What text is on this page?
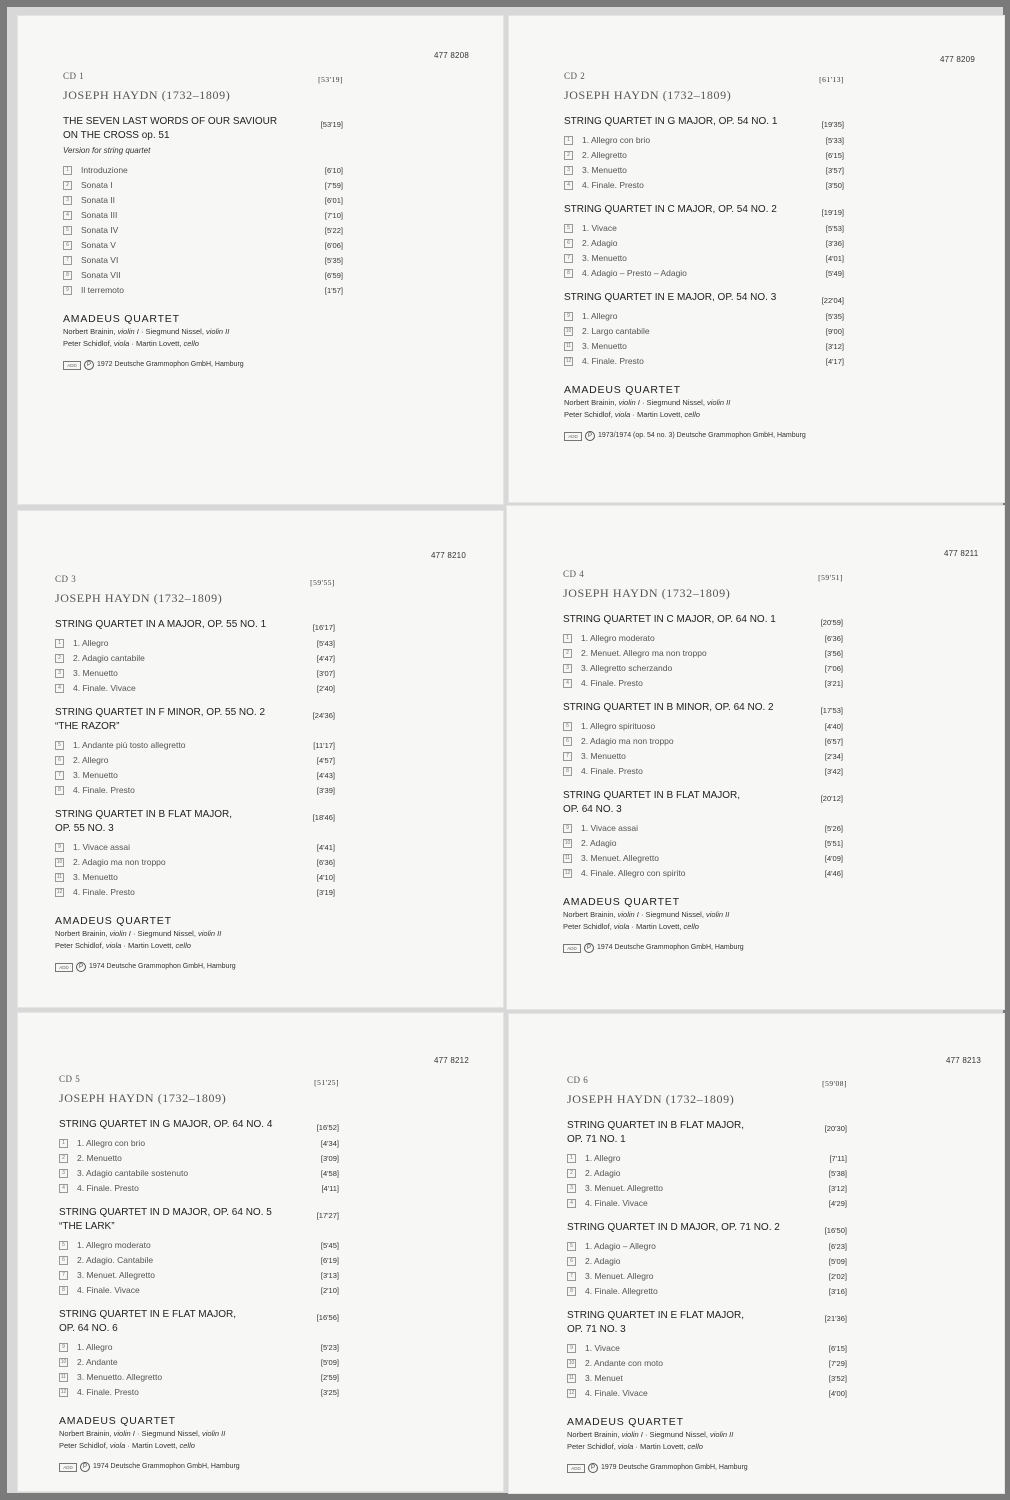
477 8208
CD 1	[53'19]
JOSEPH HAYDN (1732–1809)
THE SEVEN LAST WORDS OF OUR SAVIOUR
ON THE CROSS op. 51
[53'19]
Version for string quartet
1	Introduzione	[6'10]
2	Sonata I	[7'59]
3	Sonata II	[6'01]
4	Sonata III	[7'10]
5	Sonata IV	[5'22]
6	Sonata V	[6'06]
7	Sonata VI	[5'35]
8	Sonata VII	[6'59]
9	Il terremoto	[1'57]
AMADEUS QUARTET
Norbert Brainin, violin I · Siegmund Nissel, violin II
Peter Schidlof, viola · Martin Lovett, cello
ADD	P 1972 Deutsche Grammophon GmbH, Hamburg
477 8209
CD 2	[61'13]
JOSEPH HAYDN (1732–1809)
STRING QUARTET IN G MAJOR, OP. 54 NO. 1	[19'35]
1	1. Allegro con brio	[5'33]
2	2. Allegretto	[6'15]
3	3. Menuetto	[3'57]
4	4. Finale. Presto	[3'50]
STRING QUARTET IN C MAJOR, OP. 54 NO. 2	[19'19]
5	1. Vivace	[5'53]
6	2. Adagio	[3'36]
7	3. Menuetto	[4'01]
8	4. Adagio – Presto – Adagio	[5'49]
STRING QUARTET IN E MAJOR, OP. 54 NO. 3	[22'04]
9	1. Allegro	[5'35]
10 2. Largo cantabile	[9'00]
11 3. Menuetto	[3'12]
12 4. Finale. Presto	[4'17]
AMADEUS QUARTET
Norbert Brainin, violin I · Siegmund Nissel, violin II
Peter Schidlof, viola · Martin Lovett, cello
ADD	P 1973/1974 (op. 54 no. 3) Deutsche Grammophon GmbH, Hamburg
477 8210
CD 3	[59'55]
JOSEPH HAYDN (1732–1809)
STRING QUARTET IN A MAJOR, OP. 55 NO. 1	[16'17]
1	1. Allegro	[5'43]
2	2. Adagio cantabile	[4'47]
3	3. Menuetto	[3'07]
4	4. Finale. Vivace	[2'40]
STRING QUARTET IN F MINOR, OP. 55 NO. 2
“THE RAZOR”
[24'36]
5	1. Andante più tosto allegretto	[11'17]
6	2. Allegro	[4'57]
7	3. Menuetto	[4'43]
8	4. Finale. Presto	[3'39]
STRING QUARTET IN B FLAT MAJOR,
OP. 55 NO. 3
[18'46]
9	1. Vivace assai	[4'41]
10 2. Adagio ma non troppo	[6'36]
11 3. Menuetto	[4'10]
12 4. Finale. Presto	[3'19]
AMADEUS QUARTET
Norbert Brainin, violin I · Siegmund Nissel, violin II
Peter Schidlof, viola · Martin Lovett, cello
ADD	P 1974 Deutsche Grammophon GmbH, Hamburg
477 8211
CD 4	[59'51]
JOSEPH HAYDN (1732–1809)
STRING QUARTET IN C MAJOR, OP. 64 NO. 1	[20'59]
1	1. Allegro moderato	[6'36]
2	2. Menuet. Allegro ma non troppo	[3'56]
3	3. Allegretto scherzando	[7'06]
4	4. Finale. Presto	[3'21]
STRING QUARTET IN B MINOR, OP. 64 NO. 2	[17'53]
5	1. Allegro spirituoso	[4'40]
6	2. Adagio ma non troppo	[6'57]
7	3. Menuetto	[2'34]
8	4. Finale. Presto	[3'42]
STRING QUARTET IN B FLAT MAJOR,
OP. 64 NO. 3
[20'12]
9	1. Vivace assai	[5'26]
10 2. Adagio	[5'51]
11 3. Menuet. Allegretto	[4'09]
12 4. Finale. Allegro con spirito	[4'46]
AMADEUS QUARTET
Norbert Brainin, violin I · Siegmund Nissel, violin II
Peter Schidlof, viola · Martin Lovett, cello
ADD	P 1974 Deutsche Grammophon GmbH, Hamburg
477 8212
CD 5	[51'25]
JOSEPH HAYDN (1732–1809)
STRING QUARTET IN G MAJOR, OP. 64 NO. 4	[16'52]
1	1. Allegro con brio	[4'34]
2	2. Menuetto	[3'09]
3	3. Adagio cantabile sostenuto	[4'58]
4	4. Finale. Presto	[4'11]
STRING QUARTET IN D MAJOR, OP. 64 NO. 5
“THE LARK”
[17'27]
5	1. Allegro moderato	[5'45]
6	2. Adagio. Cantabile	[6'19]
7	3. Menuet. Allegretto	[3'13]
8	4. Finale. Vivace	[2'10]
STRING QUARTET IN E FLAT MAJOR,
OP. 64 NO. 6
[16'56]
9	1. Allegro	[5'23]
10 2. Andante	[5'09]
11 3. Menuetto. Allegretto	[2'59]
12 4. Finale. Presto	[3'25]
AMADEUS QUARTET
Norbert Brainin, violin I · Siegmund Nissel, violin II
Peter Schidlof, viola · Martin Lovett, cello
ADD	P 1974 Deutsche Grammophon GmbH, Hamburg
477 8213
CD 6	[59'08]
JOSEPH HAYDN (1732–1809)
STRING QUARTET IN B FLAT MAJOR,
OP. 71 NO. 1
[20'30]
1	1. Allegro	[7'11]
2	2. Adagio	[5'38]
3	3. Menuet. Allegretto	[3'12]
4	4. Finale. Vivace	[4'29]
STRING QUARTET IN D MAJOR, OP. 71 NO. 2	[16'50]
5	1. Adagio – Allegro	[6'23]
6	2. Adagio	[5'09]
7	3. Menuet. Allegro	[2'02]
8	4. Finale. Allegretto	[3'16]
STRING QUARTET IN E FLAT MAJOR,
OP. 71 NO. 3
[21'36]
9	1. Vivace	[6'15]
10 2. Andante con moto	[7'29]
11 3. Menuet	[3'52]
12 4. Finale. Vivace	[4'00]
AMADEUS QUARTET
Norbert Brainin, violin I · Siegmund Nissel, violin II
Peter Schidlof, viola · Martin Lovett, cello
ADD	P 1979 Deutsche Grammophon GmbH, Hamburg
